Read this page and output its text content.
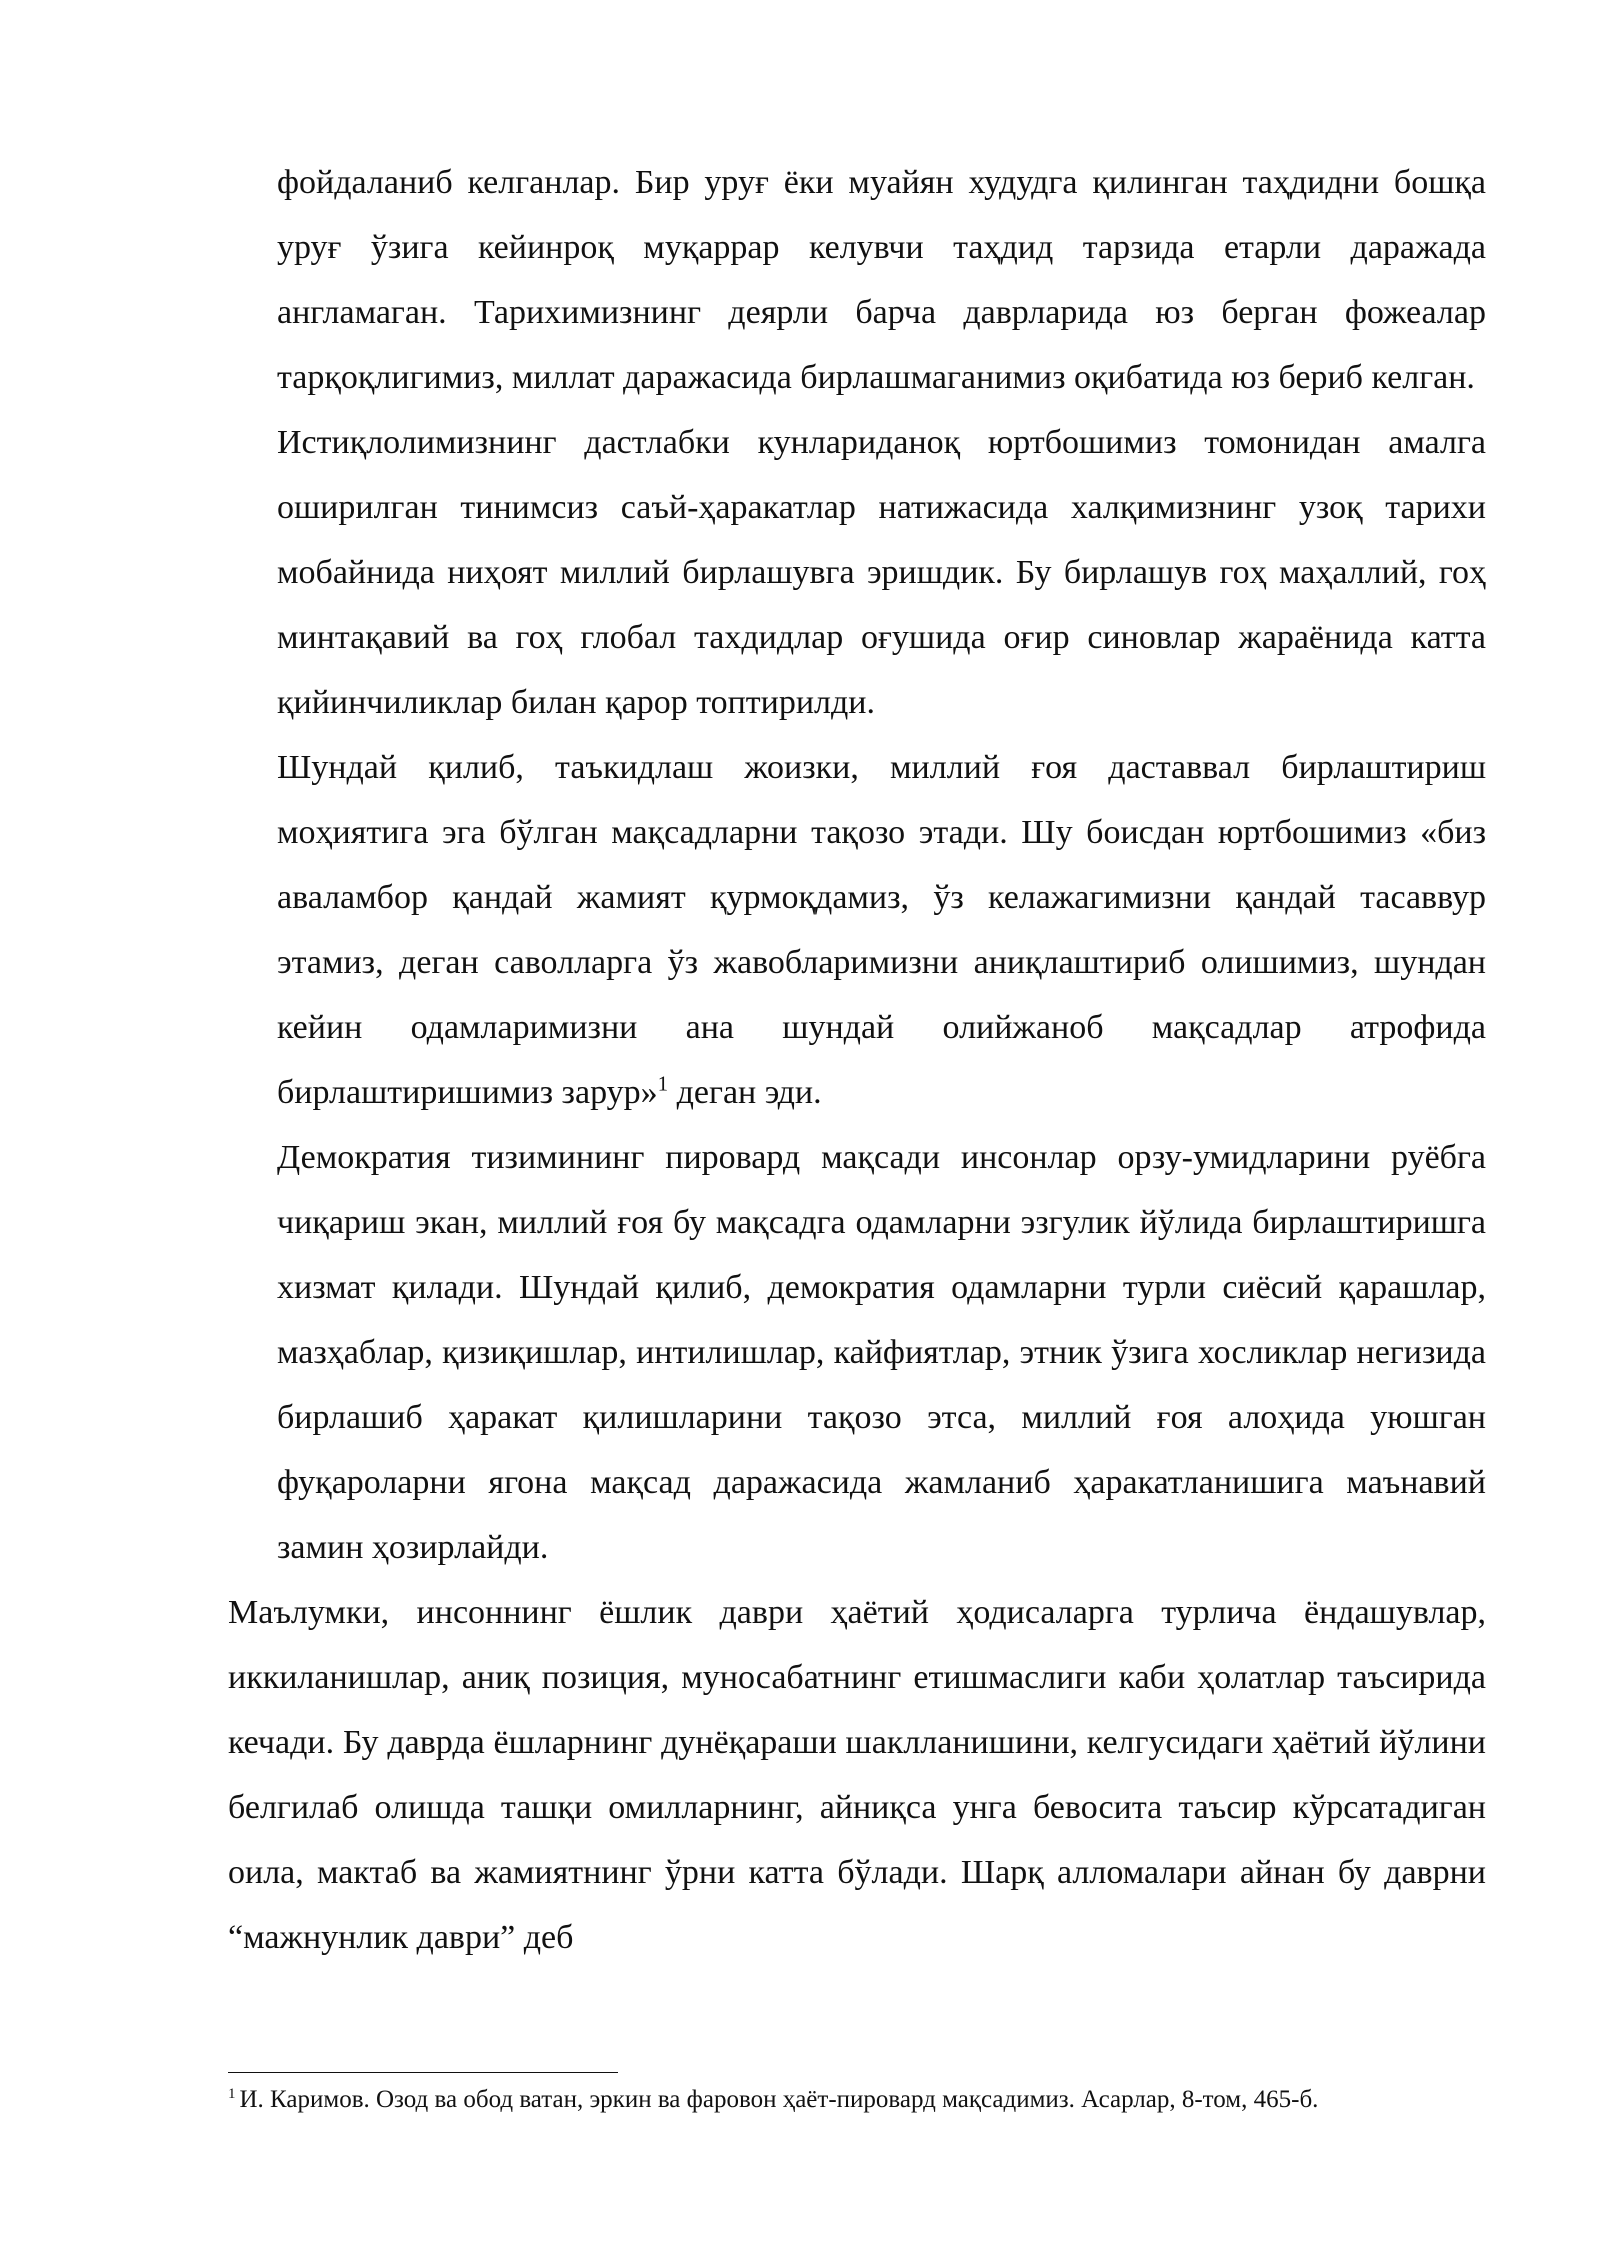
фойдаланиб келганлар. Бир уруғ ёки муайян худудга қилинган таҳдидни бошқа уруғ ўзига кейинроқ муқаррар келувчи таҳдид тарзида етарли даражада англамаган. Тарихимизнинг деярли барча даврларида юз берган фожеалар тарқоқлигимиз, миллат даражасида бирлашмаганимиз оқибатида юз бериб келган.

Истиқлолимизнинг дастлабки кунлариданоқ юртбошимиз томонидан амалга оширилган тинимсиз саъй-ҳаракатлар натижасида халқимизнинг узоқ тарихи мобайнида ниҳоят миллий бирлашувга эришдик. Бу бирлашув гоҳ маҳаллий, гоҳ минтақавий ва гоҳ глобал тахдидлар оғушида оғир синовлар жараёнида катта қийинчиликлар билан қарор топтирилди.

Шундай қилиб, таъкидлаш жоизки, миллий ғоя даставвал бирлаштириш моҳиятига эга бўлган мақсадларни тақозо этади. Шу боисдан юртбошимиз «биз аваламбор қандай жамият қурмоқдамиз, ўз келажагимизни қандай тасаввур этамиз, деган саволларга ўз жавобларимизни аниқлаштириб олишимиз, шундан кейин одамларимизни ана шундай олийжаноб мақсадлар атрофида бирлаштиришимиз зарур»$^1$ деган эди.

Демократия тизимининг пировард мақсади инсонлар орзу-умидларини руёбга чиқариш экан, миллий ғоя бу мақсадга одамларни эзгулик йўлида бирлаштиришга хизмат қилади. Шундай қилиб, демократия одамларни турли сиёсий қарашлар, мазҳаблар, қизиқишлар, интилишлар, кайфиятлар, этник ўзига хосликлар негизида бирлашиб ҳаракат қилишларини тақозо этса, миллий ғоя алоҳида уюшган фуқароларни ягона мақсад даражасида жамланиб ҳаракатланишига маънавий замин ҳозирлайди.

Маълумки, инсоннинг ёшлик даври ҳаётий ҳодисаларга турлича ёндашувлар, иккиланишлар, аниқ позиция, муносабатнинг етишмаслиги каби ҳолатлар таъсирида кечади. Бу даврда ёшларнинг дунёқараши шаклланишини, келгусидаги ҳаётий йўлини белгилаб олишда ташқи омилларнинг, айниқса унга бевосита таъсир кўрсатадиган оила, мактаб ва жамиятнинг ўрни катта бўлади. Шарқ алломалари айнан бу даврни “мажнунлик даври” деб

$^1$ И. Каримов. Озод ва обод ватан, эркин ва фаровон ҳаёт-пировард мақсадимиз. Асарлар, 8-том, 465-б.
